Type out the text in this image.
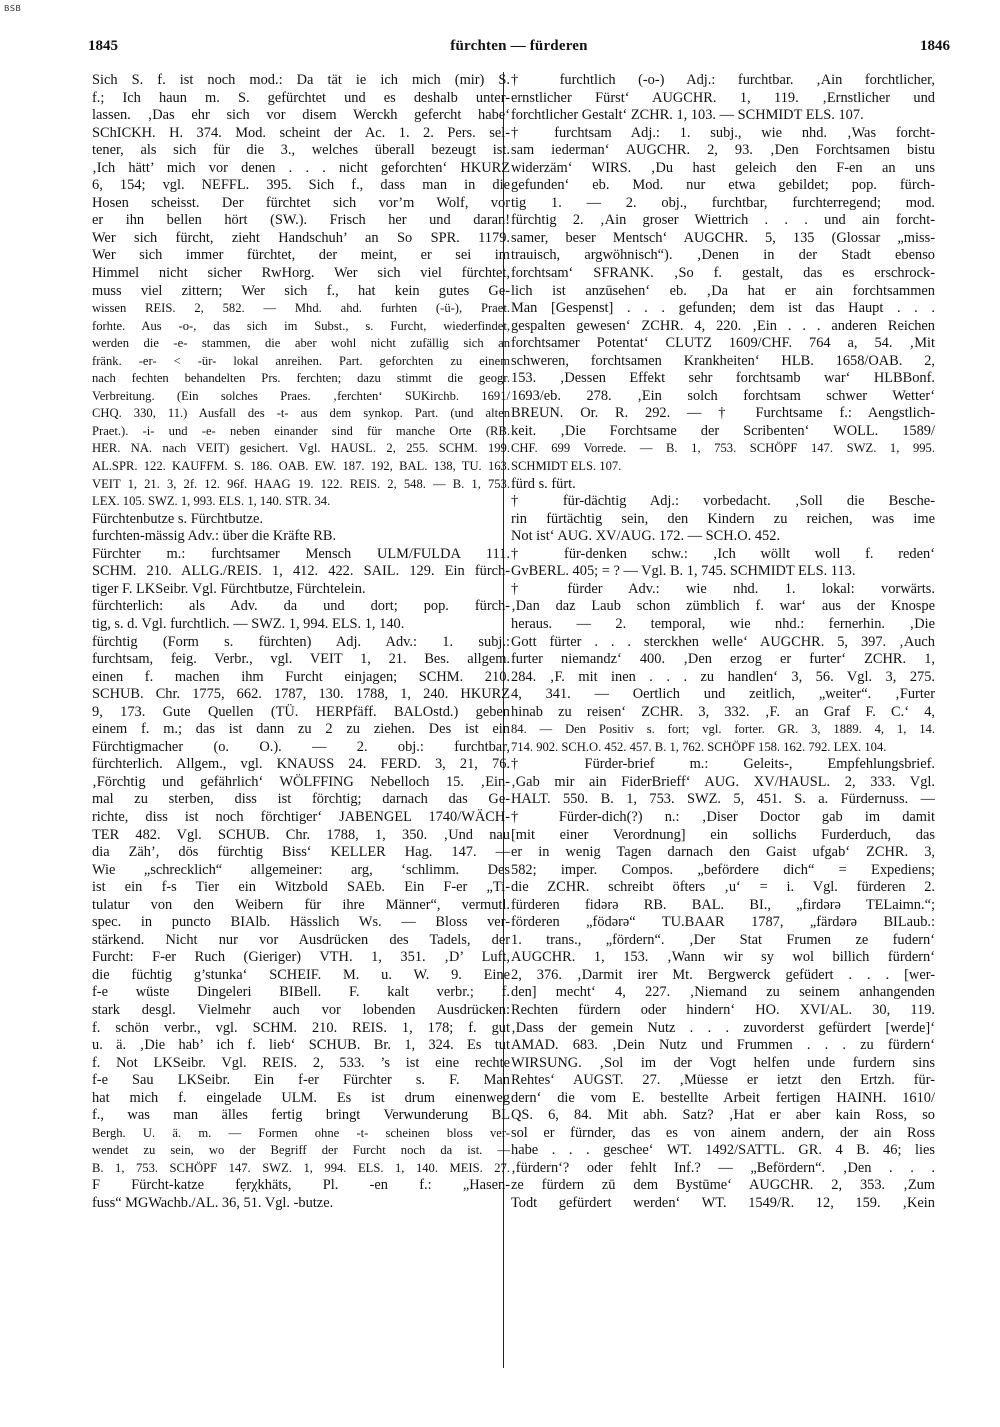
BSB
1845	fürchten — fürderen	1846
Sich S. f. ist noch mod.: Da tät ie ich mich (mir) S.
f.; Ich haun m. S. gefürchtet und es deshalb unter-
lassen. ‚Das ehr sich vor disem Werckh gefercht habe‘
SChICKH. H. 374. Mod. scheint der Ac. 1. 2. Pers. sel-
tener, als sich für die 3., welches überall bezeugt ist.
‚Ich hätt’ mich vor denen . . . nicht geforchten‘ HKURZ
6, 154; vgl. NEFFL. 395. Sich f., dass man in die
Hosen scheisst. Der fürchtet sich vor’m Wolf, vor
er ihn bellen hört (SW.). Frisch her und daran!
Wer sich fürcht, zieht Handschuh’ an So SPR. 1179.
Wer sich immer fürchtet, der meint, er sei im
Himmel nicht sicher RwHorg. Wer sich viel fürchtet,
muss viel zittern; Wer sich f., hat kein gutes Ge-
wissen REIS. 2, 582. — Mhd. ahd. furhten (-ü-), Praet.
forhte. Aus -o-, das sich im Subst., s. Furcht, wiederfindet,
werden die -e- stammen, die aber wohl nicht zufällig sich an
fränk. -er- < -ür- lokal anreihen. Part. geforchten zu einem
nach fechten behandelten Prs. ferchten; dazu stimmt die geogr.
Verbreitung. (Ein solches Praes. ‚ferchten‘ SUKirchb. 1691/
CHQ. 330, 11.) Ausfall des -t- aus dem synkop. Part. (und alten
Praet.). -i- und -e- neben einander sind für manche Orte (RB.
HER. NA. nach VEIT) gesichert. Vgl. HAUSL. 2, 255. SCHM. 199.
AL.SPR. 122. KAUFFM. S. 186. OAB. EW. 187. 192, BAL. 138, TU. 163.
VEIT 1, 21. 3, 2f. 12. 96f. HAAG 19. 122. REIS. 2, 548. — B. 1, 753.
LEX. 105. SWZ. 1, 993. ELS. 1, 140. STR. 34.
Fürchtenbutze s. Fürchtbutze.
furchten-mässig Adv.: über die Kräfte RB.
Fürchter m.: furchtsamer Mensch ULM/FULDA 111.
SCHM. 210. ALLG./REIS. 1, 412. 422. SAIL. 129. Ein fürch-
tiger F. LKSeibr. Vgl. Fürchtbutze, Fürchtelein.
fürchterlich: als Adv. da und dort; pop. fürch-
tig, s. d. Vgl. furchtlich. — SWZ. 1, 994. ELS. 1, 140.
fürchtig (Form s. fürchten) Adj. Adv.: 1. subj.:
furchtsam, feig. Verbr., vgl. VEIT 1, 21. Bes. allgem.
einen f. machen ihm Furcht einjagen; SCHM. 210.
SCHUB. Chr. 1775, 662. 1787, 130. 1788, 1, 240. HKURZ
9, 173. Gute Quellen (TÜ. HERPfäff. BALOstd.) geben
einem f. m.; das ist dann zu 2 zu ziehen. Des ist ein
Fürchtigmacher (o. O.). — 2. obj.: furchtbar,
fürchterlich. Allgem., vgl. KNAUSS 24. FERD. 3, 21, 76.
‚Förchtig und gefährlich‘ WÖLFFING Nebelloch 15. ‚Ein-
mal zu sterben, diss ist förchtig; darnach das Ge-
richte, diss ist noch förchtiger‘ JABENGEL 1740/WÄCH-
TER 482. Vgl. SCHUB. Chr. 1788, 1, 350. ‚Und nau
dia Zäh’, dös fürchtig Biss‘ KELLER Hag. 147. —
Wie „schrecklich“ allgemeiner: arg, ‘schlimm. Des
ist ein f-s Tier ein Witzbold SAEb. Ein F-er „Ti-
tulatur von den Weibern für ihre Männer“, vermutl.
spec. in puncto BIAlb. Hässlich Ws. — Bloss ver-
stärkend. Nicht nur vor Ausdrücken des Tadels, der
Furcht: F-er Ruch (Gieriger) VTH. 1, 351. ‚D’ Luft,
die füchtig g’stunka‘ SCHEIF. M. u. W. 9. Eine
f-e wüste Dingeleri BIBell. F. kalt verbr.; f.
stark desgl. Vielmehr auch vor lobenden Ausdrücken:
f. schön verbr., vgl. SCHM. 210. REIS. 1, 178; f. gut
u. ä. ‚Die hab’ ich f. lieb‘ SCHUB. Br. 1, 324. Es tut
f. Not LKSeibr. Vgl. REIS. 2, 533. ’s ist eine rechte
f-e Sau LKSeibr. Ein f-er Fürchter s. F. Man
hat mich f. eingelade ULM. Es ist drum einenweg
f., was man älles fertig bringt Verwunderung BL
Bergh. U. ä. m. — Formen ohne -t- scheinen bloss ver-
wendet zu sein, wo der Begriff der Furcht noch da ist. —
B. 1, 753. SCHÖPF 147. SWZ. 1, 994. ELS. 1, 140. MEIS. 27.
F Fürcht-katze fẹrχkhäts, Pl. -en f.: „Hasen-
fuss“ MGWachb./AL. 36, 51. Vgl. -butze.
† furchtlich (-o-) Adj.: furchtbar. ‚Ain forchtlicher,
ernstlicher Fürst‘ AUGCHR. 1, 119. ‚Ernstlicher und
forchtlicher Gestalt‘ ZCHR. 1, 103. — SCHMIDT ELS. 107.
† furchtsam Adj.: 1. subj., wie nhd. ‚Was forcht-
sam iederman‘ AUGCHR. 2, 93. ‚Den Forchtsamen bistu
widerzäm‘ WIRS. ‚Du hast geleich den F-en an uns
gefunden‘ eb. Mod. nur etwa gebildet; pop. fürch-
tig 1. — 2. obj., furchtbar, furchterregend; mod.
fürchtig 2. ‚Ain groser Wiettrich . . . und ain forcht-
samer, beser Mentsch‘ AUGCHR. 5, 135 (Glossar „miss-
trauisch, argwöhnisch“). ‚Denen in der Stadt ebenso
forchtsam‘ SFRANK. ‚So f. gestalt, das es erschrock-
lich ist anzūsehen‘ eb. ‚Da hat er ain forchtsammen
Man [Gespenst] . . . gefunden; dem ist das Haupt . . .
gespalten gewesen‘ ZCHR. 4, 220. ‚Ein . . . anderen Reichen
forchtsamer Potentat‘ CLUTZ 1609/CHF. 764 a, 54. ‚Mit
schweren, forchtsamen Krankheiten‘ HLB. 1658/OAB. 2,
153. ‚Dessen Effekt sehr forchtsamb war‘ HLBBonf.
1693/eb. 278. ‚Ein solch forchtsam schwer Wetter‘
BREUN. Or. R. 292. — † Furchtsame f.: Aengstlich-
keit. ‚Die Forchtsame der Scribenten‘ WOLL. 1589/
CHF. 699 Vorrede. — B. 1, 753. SCHÖPF 147. SWZ. 1, 995.
SCHMIDT ELS. 107.
fürd s. fürt.
† für-dächtig Adj.: vorbedacht. ‚Soll die Besche-
rin fürtächtig sein, den Kindern zu reichen, was ime
Not ist‘ AUG. XV/AUG. 172. — SCH.O. 452.
† für-denken schw.: ‚Ich wöllt woll f. reden‘
GvBERL. 405; = ? — Vgl. B. 1, 745. SCHMIDT ELS. 113.
† fürder Adv.: wie nhd. 1. lokal: vorwärts.
‚Dan daz Laub schon zümblich f. war‘ aus der Knospe
heraus. — 2. temporal, wie nhd.: fernerhin. ‚Die
Gott fürter . . . sterckhen welle‘ AUGCHR. 5, 397. ‚Auch
furter niemandz‘ 400. ‚Den erzog er furter‘ ZCHR. 1,
284. ‚F. mit inen . . . zu handlen‘ 3, 56. Vgl. 3, 275.
4, 341. — Oertlich und zeitlich, „weiter“. ‚Furter
hinab zu reisen‘ ZCHR. 3, 332. ‚F. an Graf F. C.‘ 4,
84. — Den Positiv s. fort; vgl. forter. GR. 3, 1889. 4, 1, 14.
714. 902. SCH.O. 452. 457. B. 1, 762. SCHÖPF 158. 162. 792. LEX. 104.
† Fürder-brief m.: Geleits-, Empfehlungsbrief.
‚Gab mir ain FiderBrieff‘ AUG. XV/HAUSL. 2, 333. Vgl.
HALT. 550. B. 1, 753. SWZ. 5, 451. S. a. Fürdernuss. —
† Fürder-dich(?) n.: ‚Diser Doctor gab im damit
[mit einer Verordnung] ein sollichs Furderduch, das
er in wenig Tagen darnach den Gaist ufgab‘ ZCHR. 3,
582; imper. Compos. „befördere dich“ = Expediens;
die ZCHR. schreibt öfters ‚u‘ = i. Vgl. fürderen 2.
fürderen fidərə RB. BAL. BI., „firdərə TELaimn.“;
förderen „födərə“ TU.BAAR 1787, „färdərə BILaub.:
1. trans., „fördern“. ‚Der Stat Frumen ze fudern‘
AUGCHR. 1, 153. ‚Wann wir sy wol billich fürdern‘
2, 376. ‚Darmit irer Mt. Bergwerck gefüdert . . . [wer-
den] mecht‘ 4, 227. ‚Niemand zu seinem anhangenden
Rechten fürdern oder hindern‘ HO. XVI/AL. 30, 119.
‚Dass der gemein Nutz . . . zuvorderst gefürdert [werde]‘
AMAD. 683. ‚Dein Nutz und Frummen . . . zu fürdern‘
WIRSUNG. ‚Sol im der Vogt helfen unde furdern sins
Rehtes‘ AUGST. 27. ‚Müesse er ietzt den Ertzh. für-
dern‘ die vom E. bestellte Arbeit fertigen HAINH. 1610/
QS. 6, 84. Mit abh. Satz? ‚Hat er aber kain Ross, so
sol er fürnder, das es von ainem andern, der ain Ross
habe . . . geschee‘ WT. 1492/SATTL. GR. 4 B. 46; lies
‚fürdern‘? oder fehlt Inf.? — „Befördern“. ‚Den . . .
ze fürdern zū dem Bystūme‘ AUGCHR. 2, 353. ‚Zum
Todt gefürdert werden‘ WT. 1549/R. 12, 159. ‚Kein
